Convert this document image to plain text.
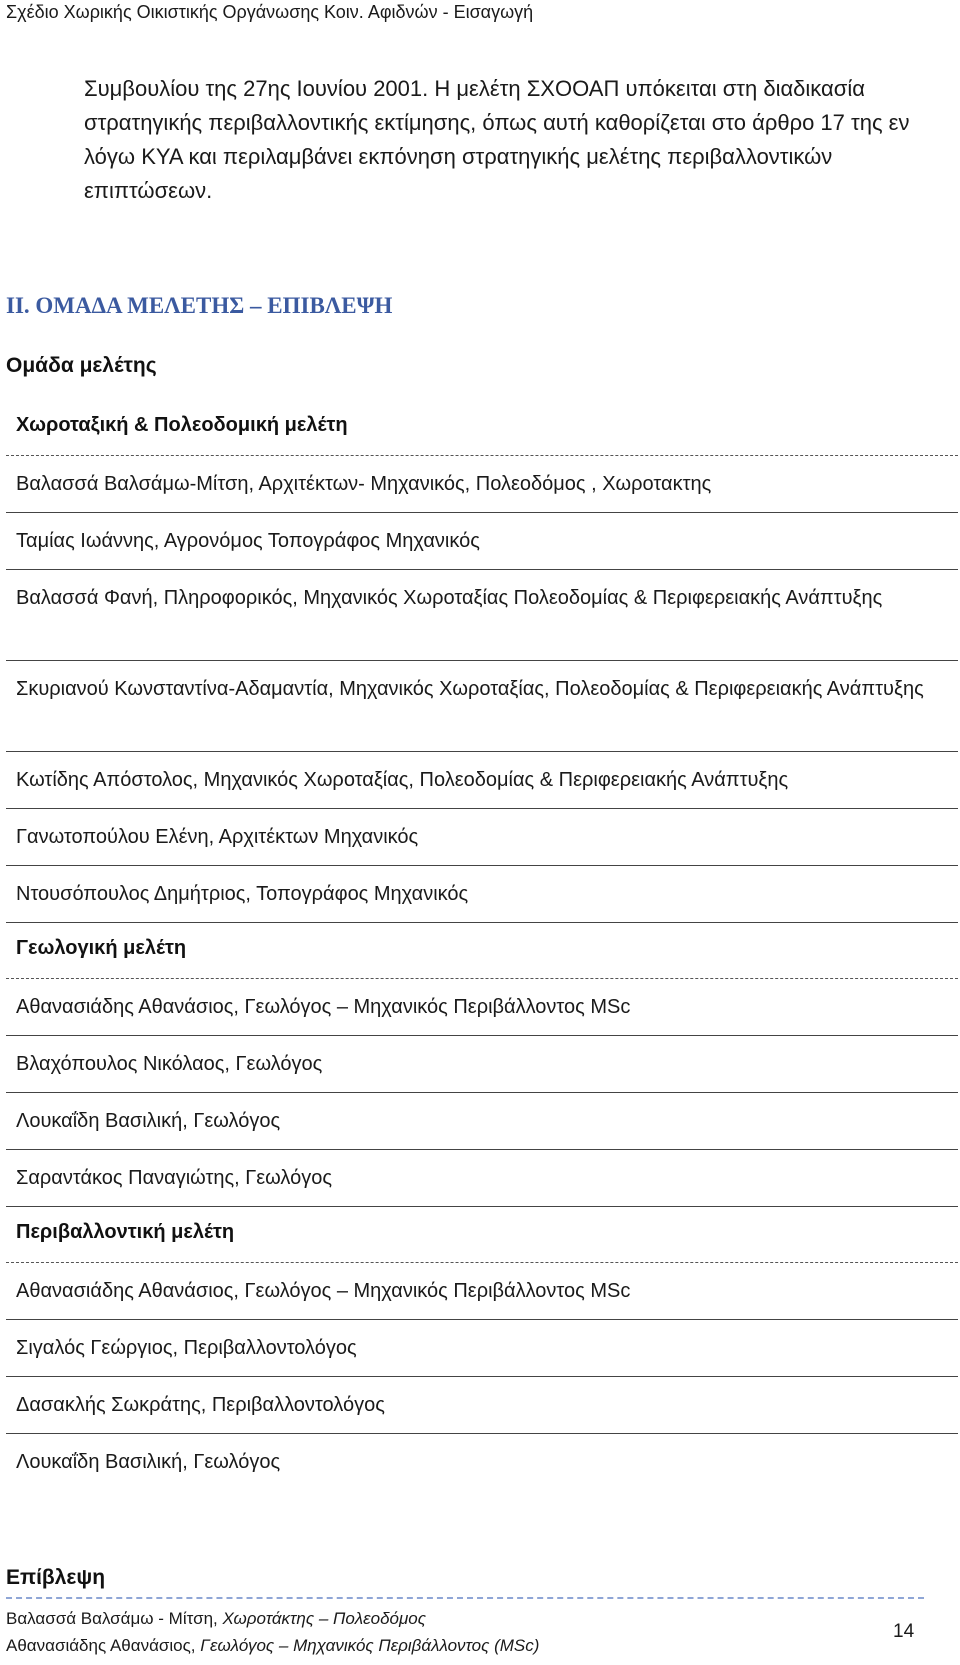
Σχέδιο Χωρικής Οικιστικής Οργάνωσης Κοιν. Αφιδνών - Εισαγωγή

Συμβουλίου της 27ης Ιουνίου 2001. Η μελέτη ΣΧΟΟΑΠ υπόκειται στη διαδικασία στρατηγικής περιβαλλοντικής εκτίμησης, όπως αυτή καθορίζεται στο άρθρο 17 της εν λόγω ΚΥΑ και περιλαμβάνει εκπόνηση στρατηγικής μελέτης περιβαλλοντικών επιπτώσεων.

ΙΙ. ΟΜΑΔΑ ΜΕΛΕΤΗΣ – ΕΠΙΒΛΕΨΗ
Ομάδα μελέτης
Χωροταξική & Πολεοδομική μελέτη
Βαλασσά Βαλσάμω-Μίτση, Αρχιτέκτων- Μηχανικός, Πολεοδόμος , Χωροτακτης
Ταμίας Ιωάννης, Αγρονόμος Τοπογράφος Μηχανικός
Βαλασσά Φανή, Πληροφορικός, Μηχανικός Χωροταξίας Πολεοδομίας & Περιφερειακής Ανάπτυξης
Σκυριανού Κωνσταντίνα-Αδαμαντία, Μηχανικός Χωροταξίας, Πολεοδομίας & Περιφερειακής Ανάπτυξης
Κωτίδης Απόστολος, Μηχανικός Χωροταξίας, Πολεοδομίας & Περιφερειακής Ανάπτυξης
Γανωτοπούλου Ελένη, Αρχιτέκτων Μηχανικός
Ντουσόπουλος Δημήτριος, Τοπογράφος Μηχανικός
Γεωλογική μελέτη
Αθανασιάδης Αθανάσιος, Γεωλόγος – Μηχανικός Περιβάλλοντος MSc
Βλαχόπουλος Νικόλαος, Γεωλόγος
Λουκαΐδη Βασιλική, Γεωλόγος
Σαραντάκος Παναγιώτης, Γεωλόγος
Περιβαλλοντική μελέτη
Αθανασιάδης Αθανάσιος, Γεωλόγος – Μηχανικός Περιβάλλοντος MSc
Σιγαλός Γεώργιος, Περιβαλλοντολόγος
Δασακλής Σωκράτης, Περιβαλλοντολόγος
Λουκαΐδη Βασιλική, Γεωλόγος
Επίβλεψη
Βαλασσά Βαλσάμω - Μίτση, Χωροτάκτης – Πολεοδόμος
Αθανασιάδης Αθανάσιος, Γεωλόγος – Μηχανικός Περιβάλλοντος (MSc)
14
